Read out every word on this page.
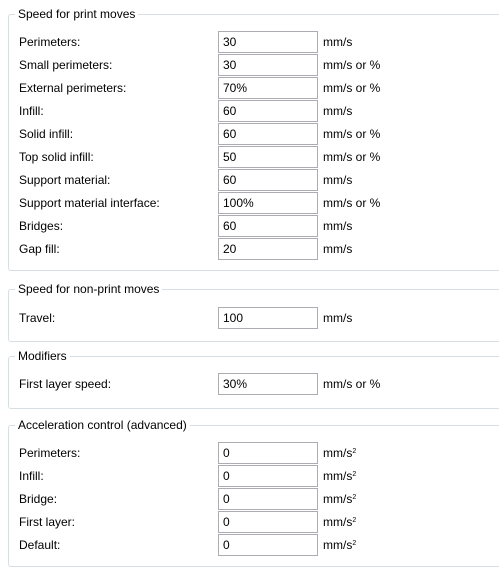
Speed for print moves
Perimeters:
30	mm/s
Small perimeters:
30	mm/s or %
External perimeters:
70%	mm/s or %
Infill:
60	mm/s
Solid infill:
60	mm/s or %
Top solid infill:
50	mm/s or %
Support material:
60	mm/s
Support material interface:
100%	mm/s or %
Bridges:
60	mm/s
Gap fill:
20	mm/s
Speed for non-print moves
Travel:
100	mm/s
Modifiers
First layer speed:
30%	mm/s or %
Acceleration control (advanced)
Perimeters:
0	$mm/s^2$
Infill:
0	$mm/s^2$
Bridge:
0	$mm/s^2$
First layer:
0	$mm/s^2$
Default:
0	$mm/s^2$
